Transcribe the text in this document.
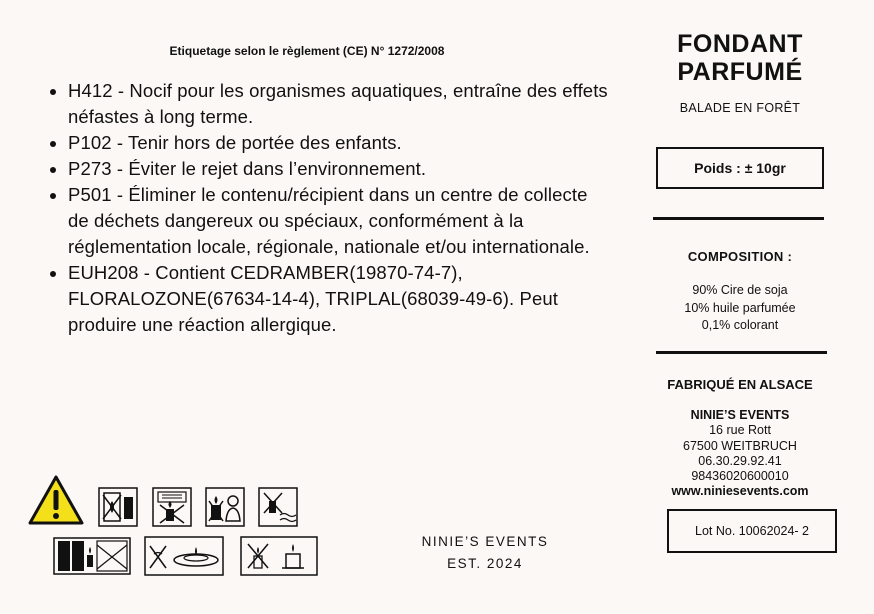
Etiquetage selon le règlement (CE) N° 1272/2008
• H412 - Nocif pour les organismes aquatiques, entraîne des effets néfastes à long terme.
• P102 - Tenir hors de portée des enfants.
• P273 - Éviter le rejet dans l’environnement.
• P501 - Éliminer le contenu/récipient dans un centre de collecte de déchets dangereux ou spéciaux, conformément à la réglementation locale, régionale, nationale et/ou internationale.
• EUH208 - Contient CEDRAMBER(19870-74-7), FLORALOZONE(67634-14-4), TRIPLAL(68039-49-6). Peut produire une réaction allergique.
FONDANT
PARFUMÉ
BALADE EN FORÊT
Poids : ± 10gr
COMPOSITION :
90% Cire de soja
10% huile parfumée
0,1% colorant
FABRIQUÉ EN ALSACE
NINIE’S EVENTS
16 rue Rott
67500 WEITBRUCH
06.30.29.92.41
98436020600010
www.niniesevents.com
Lot No. 10062024- 2
NINIE’S EVENTS
EST. 2024
